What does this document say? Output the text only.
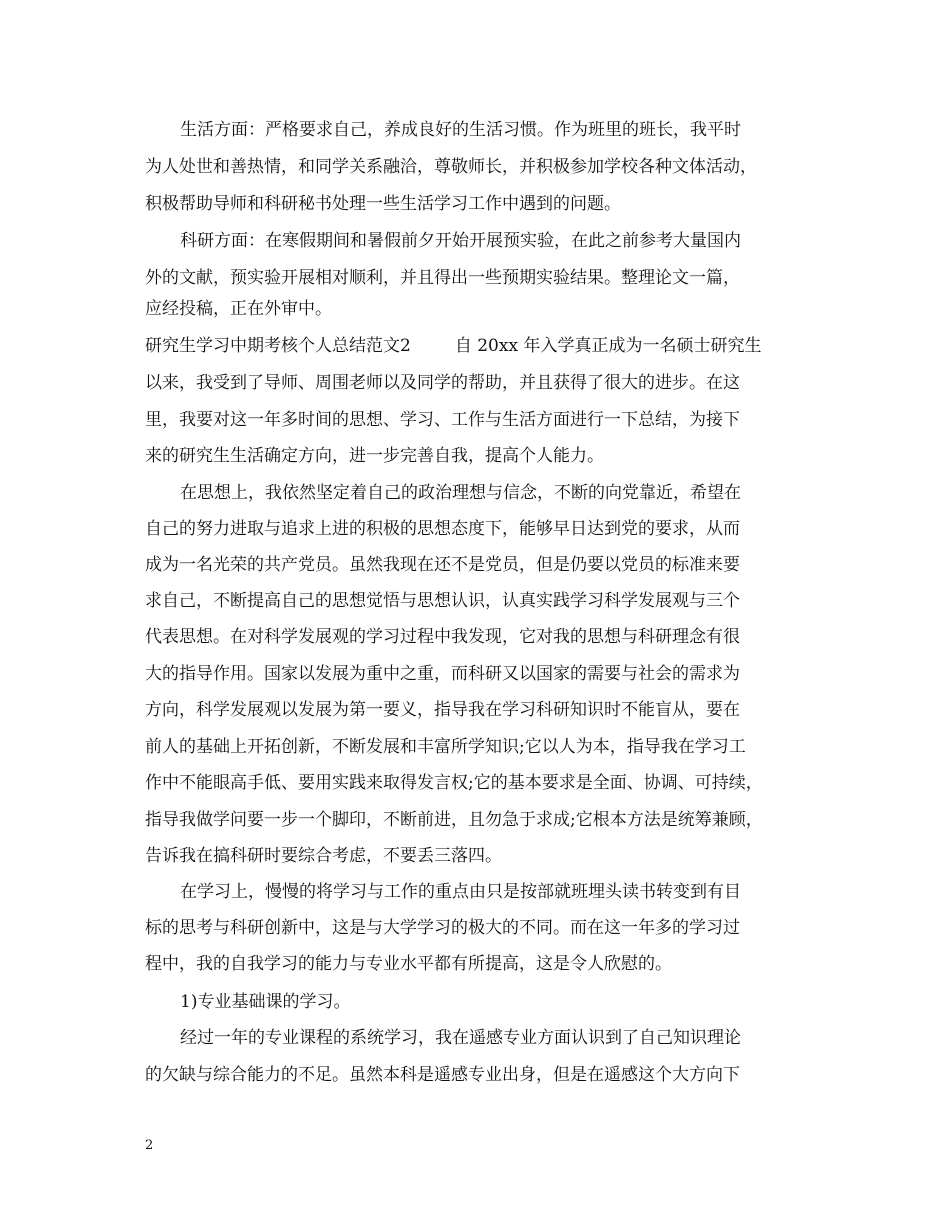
生活方面：严格要求自己，养成良好的生活习惯。作为班里的班长，我平时
为人处世和善热情，和同学关系融洽，尊敬师长，并积极参加学校各种文体活动，
积极帮助导师和科研秘书处理一些生活学习工作中遇到的问题。
科研方面：在寒假期间和暑假前夕开始开展预实验，在此之前参考大量国内
外的文献，预实验开展相对顺利，并且得出一些预期实验结果。整理论文一篇，
应经投稿，正在外审中。
研究生学习中期考核个人总结范文2	自 20xx 年入学真正成为一名硕士研究生
以来，我受到了导师、周围老师以及同学的帮助，并且获得了很大的进步。在这
里，我要对这一年多时间的思想、学习、工作与生活方面进行一下总结，为接下
来的研究生生活确定方向，进一步完善自我，提高个人能力。
在思想上，我依然坚定着自己的政治理想与信念，不断的向党靠近，希望在
自己的努力进取与追求上进的积极的思想态度下，能够早日达到党的要求，从而
成为一名光荣的共产党员。虽然我现在还不是党员，但是仍要以党员的标准来要
求自己，不断提高自己的思想觉悟与思想认识，认真实践学习科学发展观与三个
代表思想。在对科学发展观的学习过程中我发现，它对我的思想与科研理念有很
大的指导作用。国家以发展为重中之重，而科研又以国家的需要与社会的需求为
方向，科学发展观以发展为第一要义，指导我在学习科研知识时不能盲从，要在
前人的基础上开拓创新，不断发展和丰富所学知识;它以人为本，指导我在学习工
作中不能眼高手低、要用实践来取得发言权;它的基本要求是全面、协调、可持续，
指导我做学问要一步一个脚印，不断前进，且勿急于求成;它根本方法是统筹兼顾，
告诉我在搞科研时要综合考虑，不要丢三落四。
在学习上，慢慢的将学习与工作的重点由只是按部就班埋头读书转变到有目
标的思考与科研创新中，这是与大学学习的极大的不同。而在这一年多的学习过
程中，我的自我学习的能力与专业水平都有所提高，这是令人欣慰的。
1)专业基础课的学习。
经过一年的专业课程的系统学习，我在遥感专业方面认识到了自己知识理论
的欠缺与综合能力的不足。虽然本科是遥感专业出身，但是在遥感这个大方向下
2
